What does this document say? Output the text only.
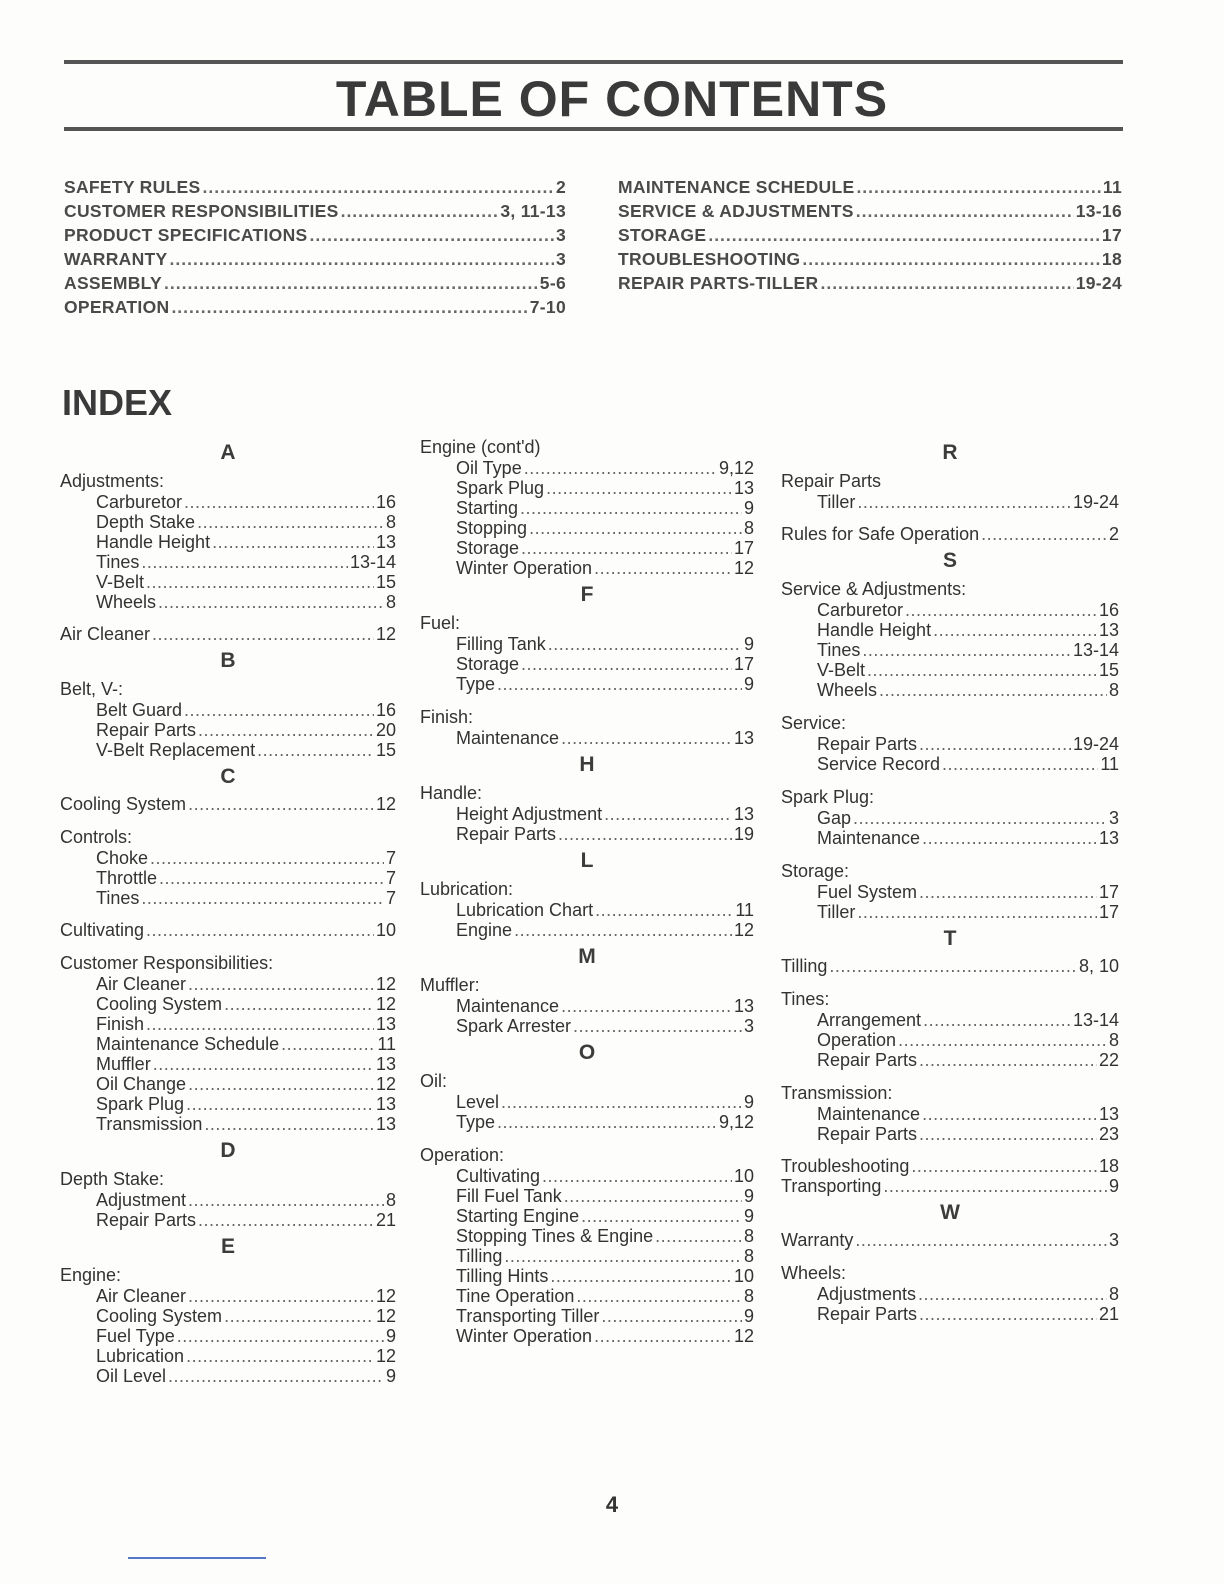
TABLE OF CONTENTS
SAFETY RULES .....	2
CUSTOMER RESPONSIBILITIES .....	3, 11-13
PRODUCT SPECIFICATIONS .....	3
WARRANTY .....	3
ASSEMBLY .....	5-6
OPERATION .....	7-10
MAINTENANCE SCHEDULE .....	11
SERVICE & ADJUSTMENTS .....	13-16
STORAGE .....	17
TROUBLESHOOTING .....	18
REPAIR PARTS-TILLER .....	19-24
INDEX
A
Adjustments:
Carburetor .....	16
Depth Stake .....	8
Handle Height .....	13
Tines .....	13-14
V-Belt .....	15
Wheels .....	8
Air Cleaner .....	12
B
Belt, V-:
Belt Guard .....	16
Repair Parts .....	20
V-Belt Replacement .....	15
C
Cooling System .....	12
Controls:
Choke .....	7
Throttle .....	7
Tines .....	7
Cultivating .....	10
Customer Responsibilities:
Air Cleaner .....	12
Cooling System .....	12
Finish .....	13
Maintenance Schedule .....	11
Muffler .....	13
Oil Change .....	12
Spark Plug .....	13
Transmission .....	13
D
Depth Stake:
Adjustment .....	8
Repair Parts .....	21
E
Engine:
Air Cleaner .....	12
Cooling System .....	12
Fuel Type .....	9
Lubrication .....	12
Oil Level .....	9
Engine (cont'd)
Oil Type .....	9,12
Spark Plug .....	13
Starting .....	9
Stopping .....	8
Storage .....	17
Winter Operation .....	12
F
Fuel:
Filling Tank .....	9
Storage .....	17
Type .....	9
Finish:
Maintenance .....	13
H
Handle:
Height Adjustment .....	13
Repair Parts .....	19
L
Lubrication:
Lubrication Chart .....	11
Engine .....	12
M
Muffler:
Maintenance .....	13
Spark Arrester .....	3
O
Oil:
Level .....	9
Type .....	9,12
Operation:
Cultivating .....	10
Fill Fuel Tank .....	9
Starting Engine .....	9
Stopping Tines & Engine .....	8
Tilling .....	8
Tilling Hints .....	10
Tine Operation .....	8
Transporting Tiller .....	9
Winter Operation .....	12
R
Repair Parts
Tiller .....	19-24
Rules for Safe Operation .....	2
S
Service & Adjustments:
Carburetor .....	16
Handle Height .....	13
Tines .....	13-14
V-Belt .....	15
Wheels .....	8
Service:
Repair Parts .....	19-24
Service Record .....	11
Spark Plug:
Gap .....	3
Maintenance .....	13
Storage:
Fuel System .....	17
Tiller .....	17
T
Tilling .....	8, 10
Tines:
Arrangement .....	13-14
Operation .....	8
Repair Parts .....	22
Transmission:
Maintenance .....	13
Repair Parts .....	23
Troubleshooting .....	18
Transporting .....	9
W
Warranty .....	3
Wheels:
Adjustments .....	8
Repair Parts .....	21
4
